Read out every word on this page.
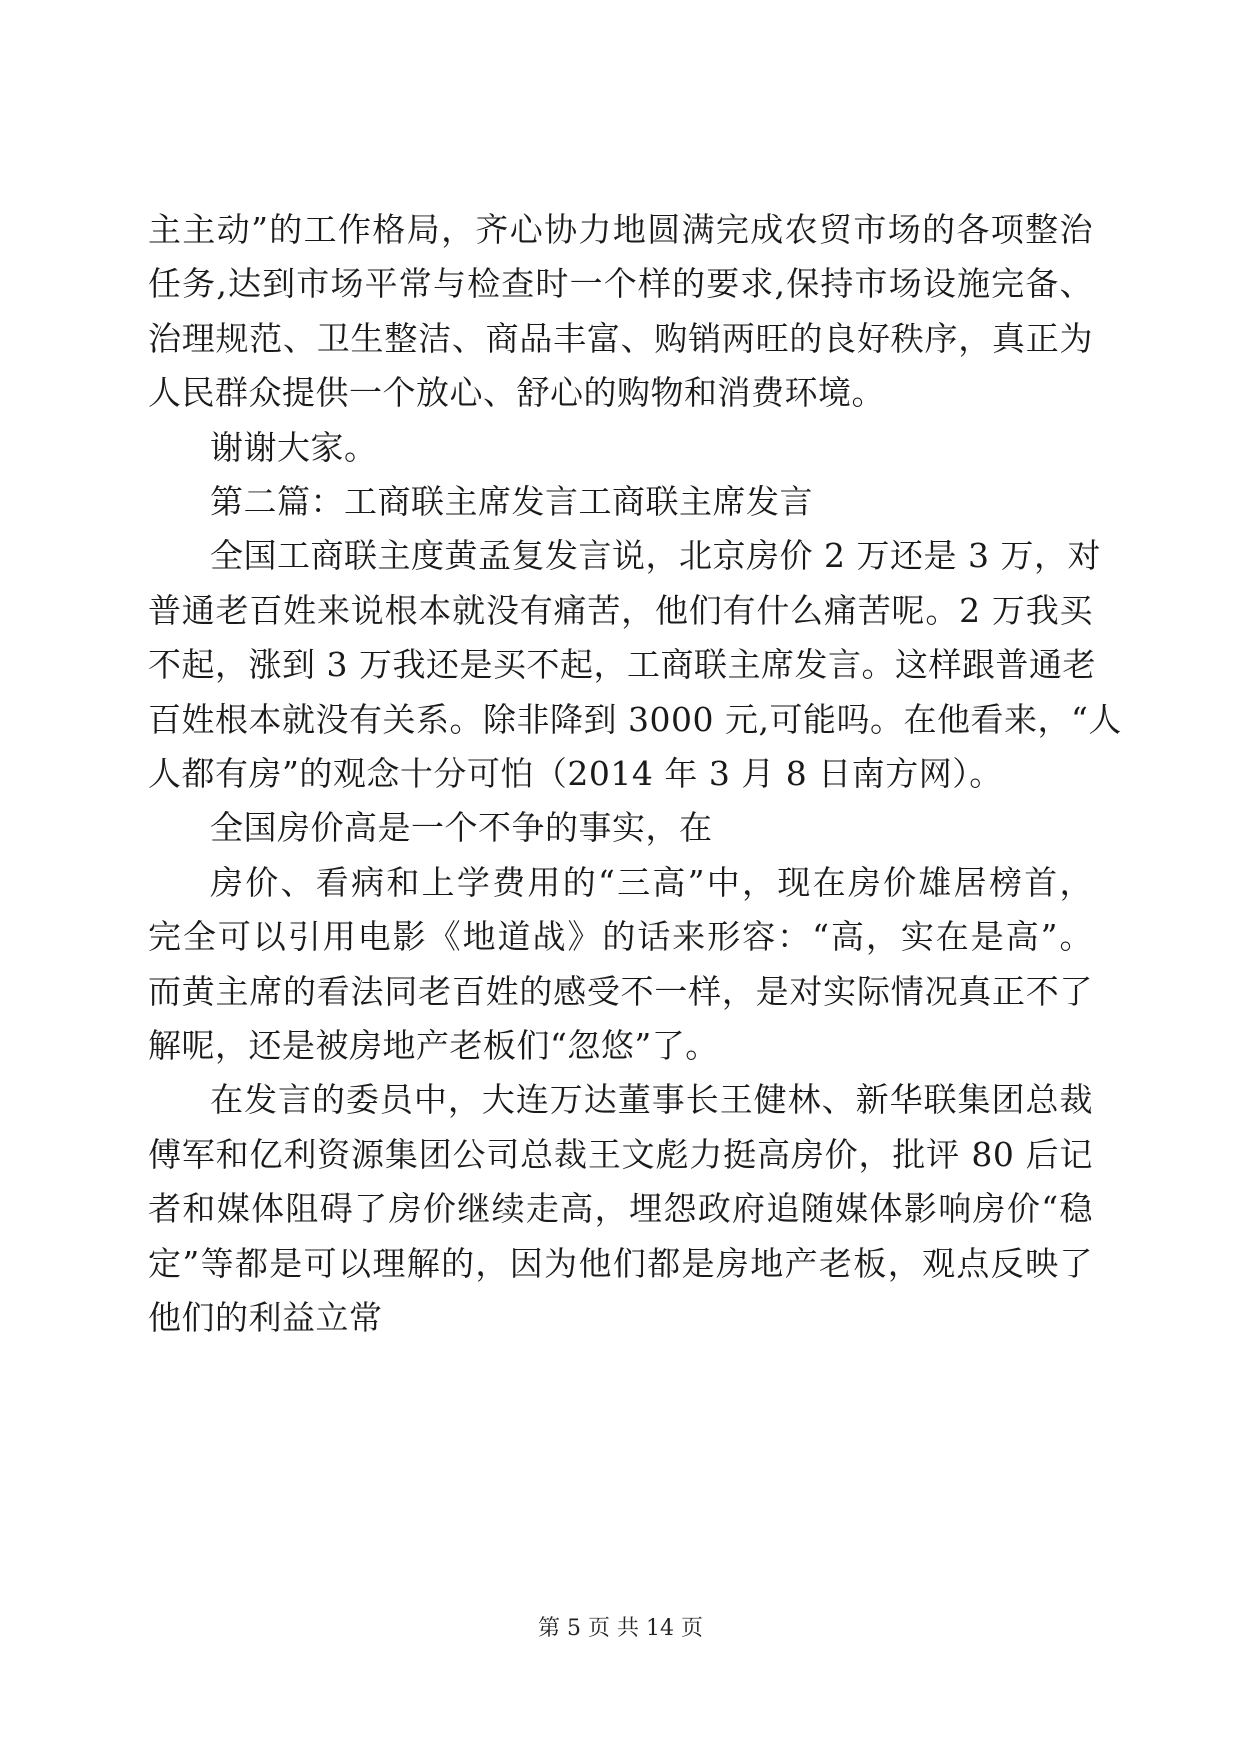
主主动”的工作格局，齐心协力地圆满完成农贸市场的各项整治
任务,达到市场平常与检查时一个样的要求,保持市场设施完备、
治理规范、卫生整洁、商品丰富、购销两旺的良好秩序，真正为
人民群众提供一个放心、舒心的购物和消费环境。
谢谢大家。
第二篇：工商联主席发言工商联主席发言
全国工商联主度黄孟复发言说，北京房价 2 万还是 3 万，对
普通老百姓来说根本就没有痛苦，他们有什么痛苦呢。2 万我买
不起，涨到 3 万我还是买不起，工商联主席发言。这样跟普通老
百姓根本就没有关系。除非降到 3000 元,可能吗。在他看来，“人
人都有房”的观念十分可怕（2014 年 3 月 8 日南方网）。
全国房价高是一个不争的事实，在
房价、看病和上学费用的“三高”中，现在房价雄居榜首，
完全可以引用电影《地道战》的话来形容：“高，实在是高”。
而黄主席的看法同老百姓的感受不一样，是对实际情况真正不了
解呢，还是被房地产老板们“忽悠”了。
在发言的委员中，大连万达董事长王健林、新华联集团总裁
傅军和亿利资源集团公司总裁王文彪力挺高房价，批评 80 后记
者和媒体阻碍了房价继续走高，埋怨政府追随媒体影响房价“稳
定”等都是可以理解的，因为他们都是房地产老板，观点反映了
他们的利益立常
第 5 页 共 14 页
